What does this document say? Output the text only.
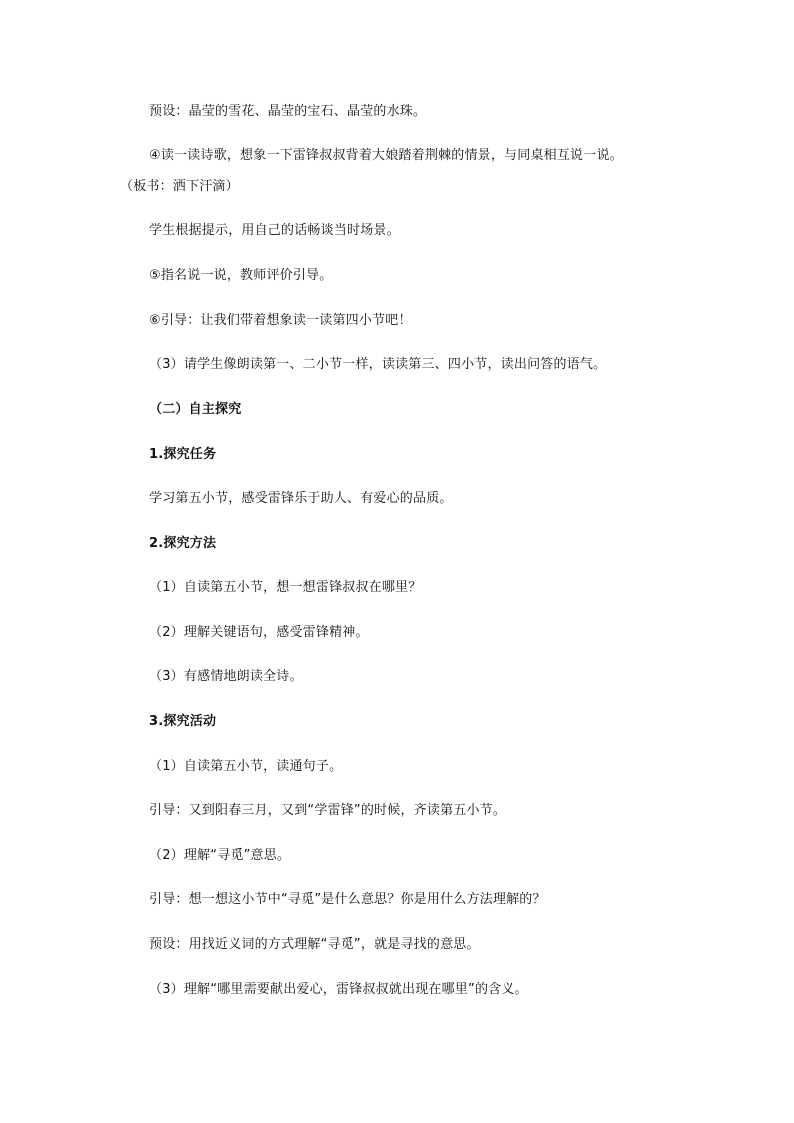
预设：晶莹的雪花、晶莹的宝石、晶莹的水珠。
④读一读诗歌，想象一下雷锋叔叔背着大娘踏着荆棘的情景，与同桌相互说一说。
（板书：洒下汗滴）
学生根据提示，用自己的话畅谈当时场景。
⑤指名说一说，教师评价引导。
⑥引导：让我们带着想象读一读第四小节吧！
（3）请学生像朗读第一、二小节一样，读读第三、四小节，读出问答的语气。
（二）自主探究
1.探究任务
学习第五小节，感受雷锋乐于助人、有爱心的品质。
2.探究方法
（1）自读第五小节，想一想雷锋叔叔在哪里？
（2）理解关键语句，感受雷锋精神。
（3）有感情地朗读全诗。
3.探究活动
（1）自读第五小节，读通句子。
引导：又到阳春三月，又到“学雷锋”的时候，齐读第五小节。
（2）理解“寻觅”意思。
引导：想一想这小节中“寻觅”是什么意思？你是用什么方法理解的？
预设：用找近义词的方式理解“寻觅”，就是寻找的意思。
（3）理解“哪里需要献出爱心，雷锋叔叔就出现在哪里”的含义。
